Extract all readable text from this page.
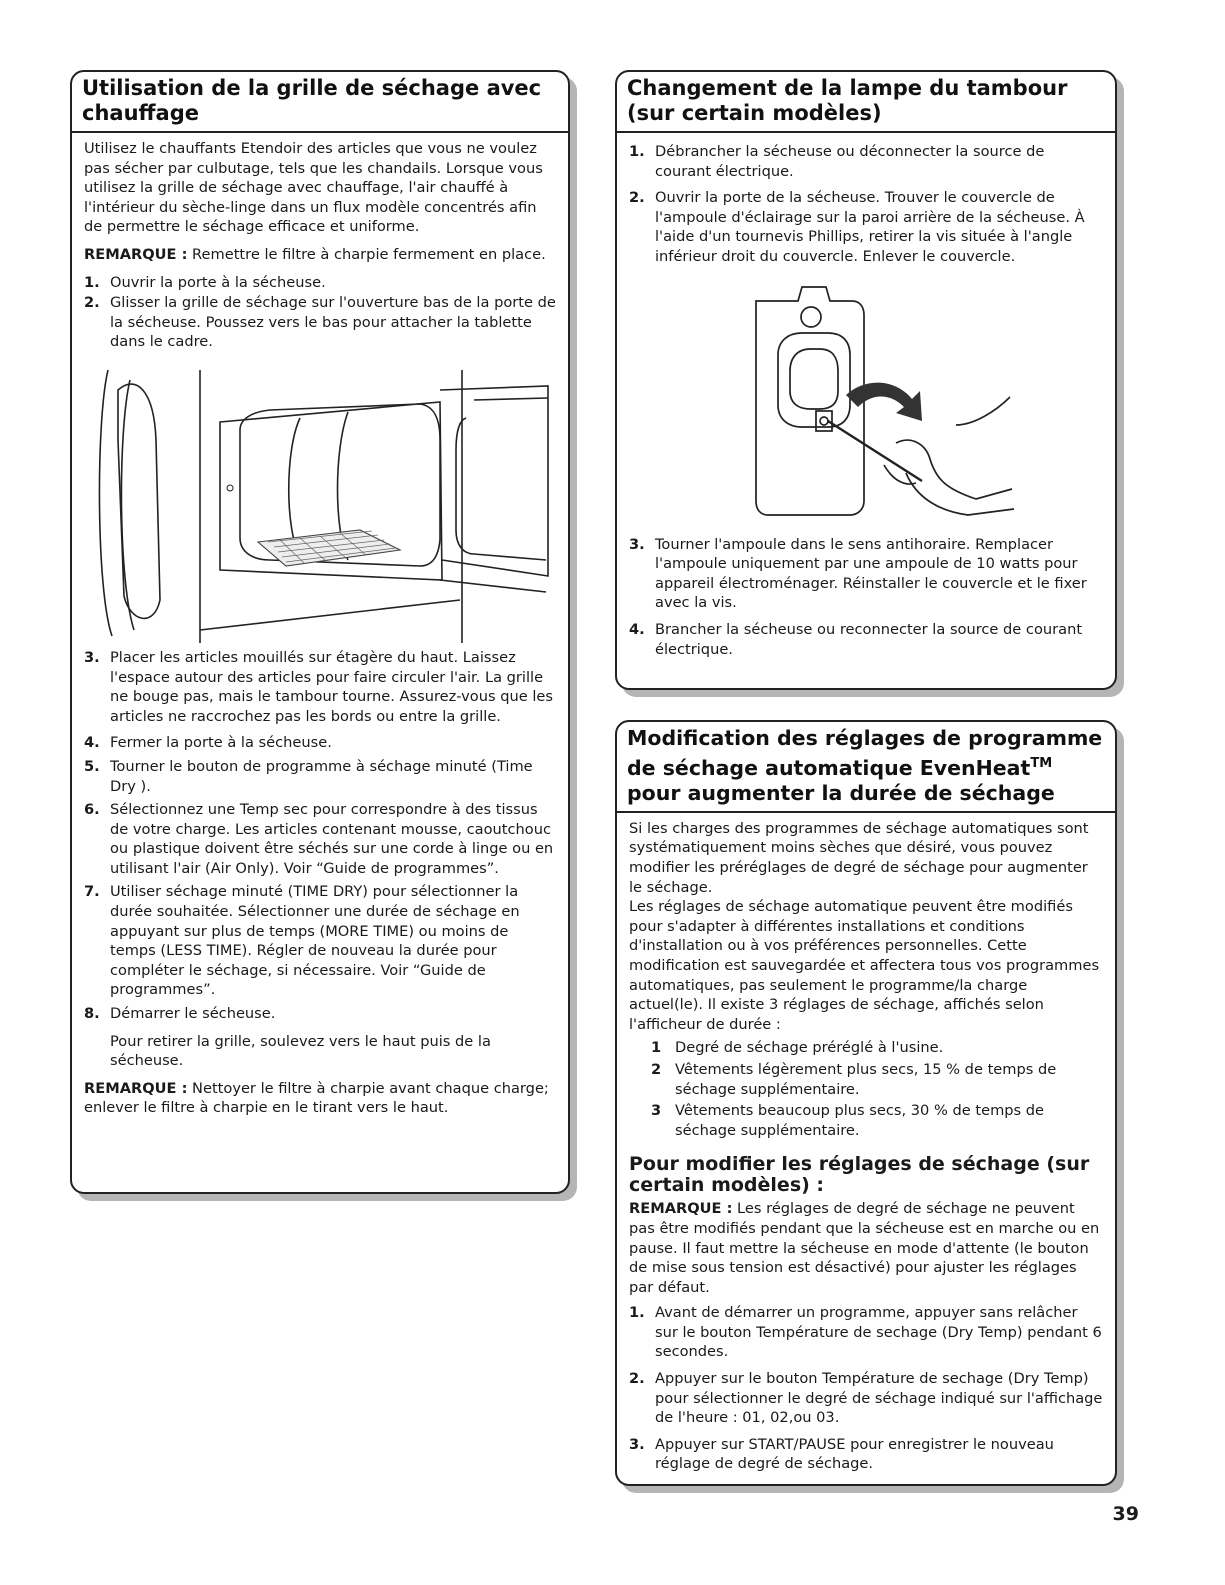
Utilisation de la grille de séchage avec chauffage

Utilisez le chauffants Etendoir des articles que vous ne voulez pas sécher par culbutage, tels que les chandails. Lorsque vous utilisez la grille de séchage avec chauffage, l'air chauffé à l'intérieur du sèche-linge dans un flux modèle concentrés afin de permettre le séchage efficace et uniforme.

REMARQUE : Remettre le filtre à charpie fermement en place.

1. Ouvrir la porte à la sécheuse.
2. Glisser la grille de séchage sur l'ouverture bas de la porte de la sécheuse. Poussez vers le bas pour attacher la tablette dans le cadre.
3. Placer les articles mouillés sur étagère du haut. Laissez l'espace autour des articles pour faire circuler l'air. La grille ne bouge pas, mais le tambour tourne. Assurez-vous que les articles ne raccrochez pas les bords ou entre la grille.
4. Fermer la porte à la sécheuse.
5. Tourner le bouton de programme à séchage minuté (Time Dry ).
6. Sélectionnez une Temp sec pour correspondre à des tissus de votre charge. Les articles contenant mousse, caoutchouc ou plastique doivent être séchés sur une corde à linge ou en utilisant l'air (Air Only). Voir “Guide de programmes”.
7. Utiliser séchage minuté (TIME DRY) pour sélectionner la durée souhaitée. Sélectionner une durée de séchage en appuyant sur plus de temps (MORE TIME) ou moins de temps (LESS TIME). Régler de nouveau la durée pour compléter le séchage, si nécessaire. Voir “Guide de programmes”.
8. Démarrer le sécheuse.

Pour retirer la grille, soulevez vers le haut puis de la sécheuse.

REMARQUE : Nettoyer le filtre à charpie avant chaque charge; enlever le filtre à charpie en le tirant vers le haut.

Changement de la lampe du tambour (sur certain modèles)
1. Débrancher la sécheuse ou déconnecter la source de courant électrique.
2. Ouvrir la porte de la sécheuse. Trouver le couvercle de l'ampoule d'éclairage sur la paroi arrière de la sécheuse. À l'aide d'un tournevis Phillips, retirer la vis située à l'angle inférieur droit du couvercle. Enlever le couvercle.
3. Tourner l'ampoule dans le sens antihoraire. Remplacer l'ampoule uniquement par une ampoule de 10 watts pour appareil électroménager. Réinstaller le couvercle et le fixer avec la vis.
4. Brancher la sécheuse ou reconnecter la source de courant électrique.
Modification des réglages de programme de séchage automatique EvenHeat™ pour augmenter la durée de séchage

Si les charges des programmes de séchage automatiques sont systématiquement moins sèches que désiré, vous pouvez modifier les préréglages de degré de séchage pour augmenter le séchage.

Les réglages de séchage automatique peuvent être modifiés pour s'adapter à différentes installations et conditions d'installation ou à vos préférences personnelles. Cette modification est sauvegardée et affectera tous vos programmes automatiques, pas seulement le programme/la charge actuel(le). Il existe 3 réglages de séchage, affichés selon l'afficheur de durée :

1 Degré de séchage préréglé à l'usine.
2 Vêtements légèrement plus secs, 15 % de temps de séchage supplémentaire.
3 Vêtements beaucoup plus secs, 30 % de temps de séchage supplémentaire.
Pour modifier les réglages de séchage (sur certain modèles) :

REMARQUE : Les réglages de degré de séchage ne peuvent pas être modifiés pendant que la sécheuse est en marche ou en pause. Il faut mettre la sécheuse en mode d'attente (le bouton de mise sous tension est désactivé) pour ajuster les réglages par défaut.

1. Avant de démarrer un programme, appuyer sans relâcher sur le bouton Température de sechage (Dry Temp) pendant 6 secondes.
2. Appuyer sur le bouton Température de sechage (Dry Temp) pour sélectionner le degré de séchage indiqué sur l'affichage de l'heure : 01, 02,ou 03.
3. Appuyer sur START/PAUSE pour enregistrer le nouveau réglage de degré de séchage.
39
